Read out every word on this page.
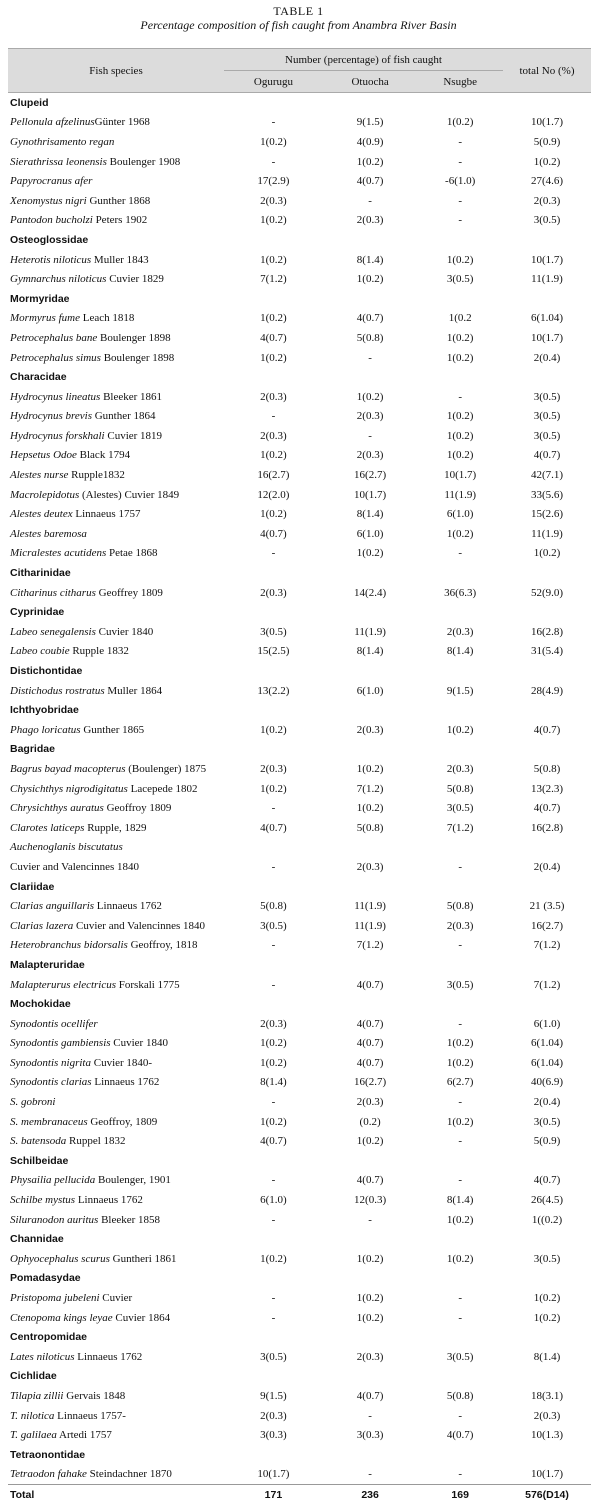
TABLE 1
Percentage composition of fish caught from Anambra River Basin
Fish species	Number (percentage) of fish caught			total No (%)
	Ogurugu	Otuocha	Nsugbe	
Clupeid				
Pellonula afzelinusGünter 1968	-	9(1.5)	1(0.2)	10(1.7)
Gynothrisamento regan	1(0.2)	4(0.9)	-	5(0.9)
Sierathrissa leonensis Boulenger 1908	-	1(0.2)	-	1(0.2)
Papyrocranus afer	17(2.9)	4(0.7)	-6(1.0)	27(4.6)
Xenomystus nigri Gunther 1868	2(0.3)	-	-	2(0.3)
Pantodon bucholzi Peters 1902	1(0.2)	2(0.3)	-	3(0.5)
Osteoglossidae				
Heterotis niloticus Muller 1843	1(0.2)	8(1.4)	1(0.2)	10(1.7)
Gymnarchus niloticus Cuvier 1829	7(1.2)	1(0.2)	3(0.5)	11(1.9)
Mormyridae				
Mormyrus fume Leach 1818	1(0.2)	4(0.7)	1(0.2	6(1.04)
Petrocephalus bane Boulenger 1898	4(0.7)	5(0.8)	1(0.2)	10(1.7)
Petrocephalus simus Boulenger 1898	1(0.2)	-	1(0.2)	2(0.4)
Characidae				
Hydrocynus lineatus Bleeker 1861	2(0.3)	1(0.2)	-	3(0.5)
Hydrocynus brevis Gunther 1864	-	2(0.3)	1(0.2)	3(0.5)
Hydrocynus forskhali Cuvier 1819	2(0.3)	-	1(0.2)	3(0.5)
Hepsetus Odoe Black 1794	1(0.2)	2(0.3)	1(0.2)	4(0.7)
Alestes nurse Rupple1832	16(2.7)	16(2.7)	10(1.7)	42(7.1)
Macrolepidotus (Alestes) Cuvier 1849	12(2.0)	10(1.7)	11(1.9)	33(5.6)
Alestes deutex Linnaeus 1757	1(0.2)	8(1.4)	6(1.0)	15(2.6)
Alestes baremosa	4(0.7)	6(1.0)	1(0.2)	11(1.9)
Micralestes acutidens Petae 1868	-	1(0.2)	-	1(0.2)
Citharinidae				
Citharinus citharus Geoffrey 1809	2(0.3)	14(2.4)	36(6.3)	52(9.0)
Cyprinidae				
Labeo senegalensis Cuvier 1840	3(0.5)	11(1.9)	2(0.3)	16(2.8)
Labeo coubie Rupple 1832	15(2.5)	8(1.4)	8(1.4)	31(5.4)
Distichontidae				
Distichodus rostratus Muller 1864	13(2.2)	6(1.0)	9(1.5)	28(4.9)
Ichthyobridae				
Phago loricatus Gunther 1865	1(0.2)	2(0.3)	1(0.2)	4(0.7)
Bagridae				
Bagrus bayad macopterus (Boulenger) 1875	2(0.3)	1(0.2)	2(0.3)	5(0.8)
Chysichthys nigrodigitatus Lacepede 1802	1(0.2)	7(1.2)	5(0.8)	13(2.3)
Chrysichthys auratus Geoffroy 1809	-	1(0.2)	3(0.5)	4(0.7)
Clarotes laticeps Rupple, 1829	4(0.7)	5(0.8)	7(1.2)	16(2.8)
Auchenoglanis biscutatus				
Cuvier and Valencinnes 1840	-	2(0.3)	-	2(0.4)
Clariidae				
Clarias anguillaris Linnaeus 1762	5(0.8)	11(1.9)	5(0.8)	21 (3.5)
Clarias lazera Cuvier and Valencinnes 1840	3(0.5)	11(1.9)	2(0.3)	16(2.7)
Heterobranchus bidorsalis Geoffroy, 1818	-	7(1.2)	-	7(1.2)
Malapteruridae				
Malapterurus electricus Forskali 1775	-	4(0.7)	3(0.5)	7(1.2)
Mochokidae				
Synodontis ocellifer	2(0.3)	4(0.7)	-	6(1.0)
Synodontis gambiensis Cuvier 1840	1(0.2)	4(0.7)	1(0.2)	6(1.04)
Synodontis nigrita Cuvier 1840-	1(0.2)	4(0.7)	1(0.2)	6(1.04)
Synodontis clarias Linnaeus 1762	8(1.4)	16(2.7)	6(2.7)	40(6.9)
S. gobroni	-	2(0.3)	-	2(0.4)
S. membranaceus Geoffroy, 1809	1(0.2)	(0.2)	1(0.2)	3(0.5)
S. batensoda Ruppel 1832	4(0.7)	1(0.2)	-	5(0.9)
Schilbeidae				
Physailia pellucida Boulenger, 1901	-	4(0.7)	-	4(0.7)
Schilbe mystus Linnaeus 1762	6(1.0)	12(0.3)	8(1.4)	26(4.5)
Siluranodon auritus Bleeker 1858	-	-	1(0.2)	1((0.2)
Channidae				
Ophyocephalus scurus Guntheri 1861	1(0.2)	1(0.2)	1(0.2)	3(0.5)
Pomadasydae				
Pristopoma jubeleni Cuvier	-	1(0.2)	-	1(0.2)
Ctenopoma kings leyae Cuvier 1864	-	1(0.2)	-	1(0.2)
Centropomidae				
Lates niloticus Linnaeus 1762	3(0.5)	2(0.3)	3(0.5)	8(1.4)
Cichlidae				
Tilapia zillii Gervais 1848	9(1.5)	4(0.7)	5(0.8)	18(3.1)
T. nilotica Linnaeus 1757-	2(0.3)	-	-	2(0.3)
T. galilaea Artedi 1757	3(0.3)	3(0.3)	4(0.7)	10(1.3)
Tetraonontidae				
Tetraodon fahake Steindachner 1870	10(1.7)	-	-	10(1.7)
Total	171	236	169	576(D14)
